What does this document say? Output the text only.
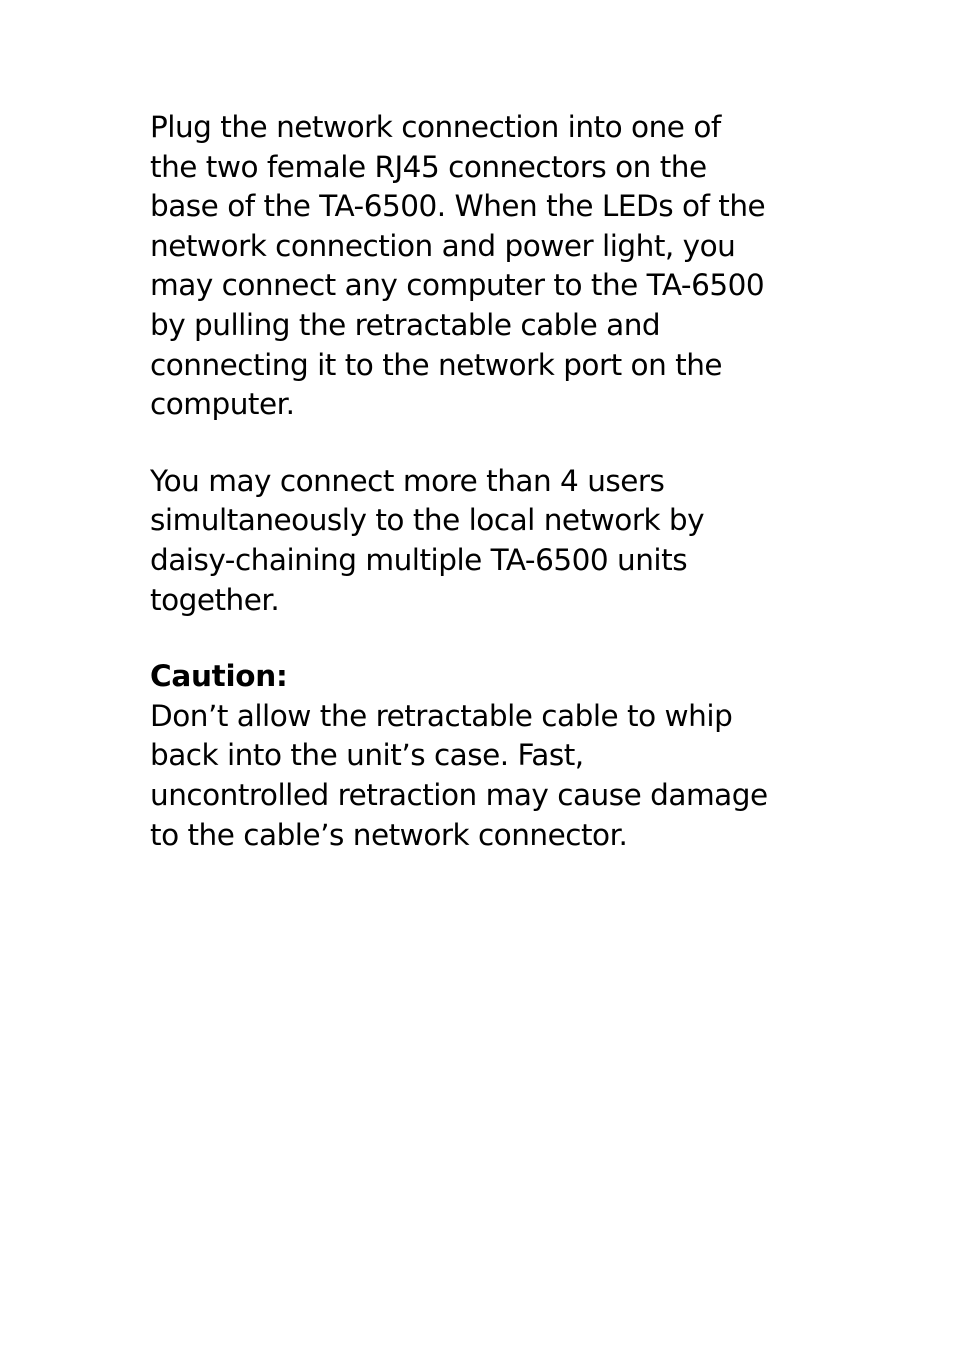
Plug the network connection into one of
the two female RJ45 connectors on the
base of the TA-6500. When the LEDs of the
network connection and power light, you
may connect any computer to the TA-6500
by pulling the retractable cable and
connecting it to the network port on the
computer.

You may connect more than 4 users
simultaneously to the local network by
daisy-chaining multiple TA-6500 units
together.

Caution:

Don’t allow the retractable cable to whip
back into the unit’s case. Fast,
uncontrolled retraction may cause damage
to the cable’s network connector.
